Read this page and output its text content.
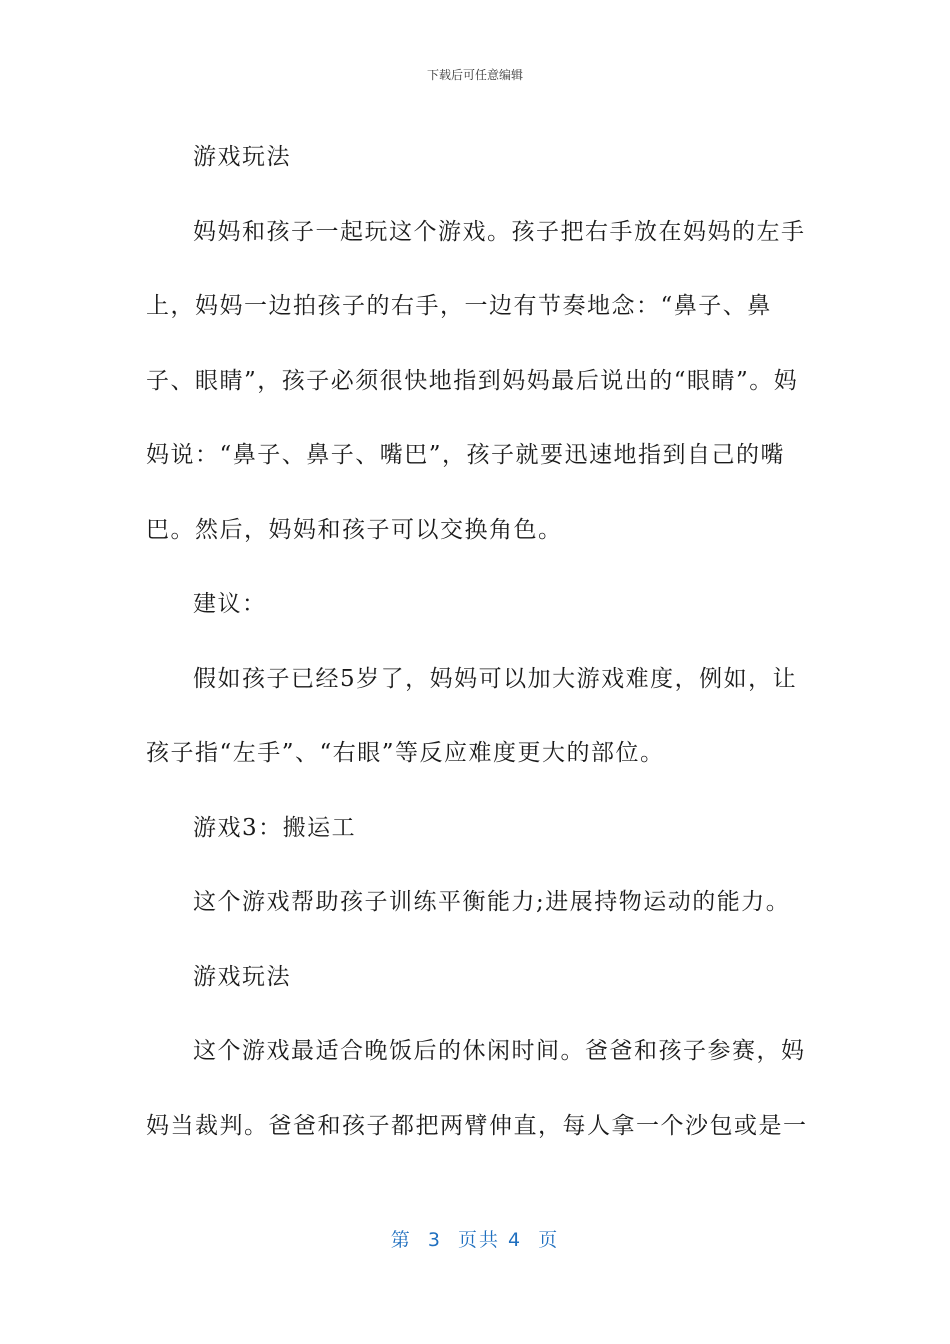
下载后可任意编辑

游戏玩法

妈妈和孩子一起玩这个游戏。孩子把右手放在妈妈的左手上，妈妈一边拍孩子的右手，一边有节奏地念：“鼻子、鼻子、眼睛”，孩子必须很快地指到妈妈最后说出的“眼睛”。妈妈说：“鼻子、鼻子、嘴巴”，孩子就要迅速地指到自己的嘴巴。然后，妈妈和孩子可以交换角色。

建议：

假如孩子已经5岁了，妈妈可以加大游戏难度，例如，让孩子指“左手”、“右眼”等反应难度更大的部位。

游戏3：搬运工

这个游戏帮助孩子训练平衡能力;进展持物运动的能力。

游戏玩法

这个游戏最适合晚饭后的休闲时间。爸爸和孩子参赛，妈妈当裁判。爸爸和孩子都把两臂伸直，每人拿一个沙包或是一

第  3  页共 4  页
